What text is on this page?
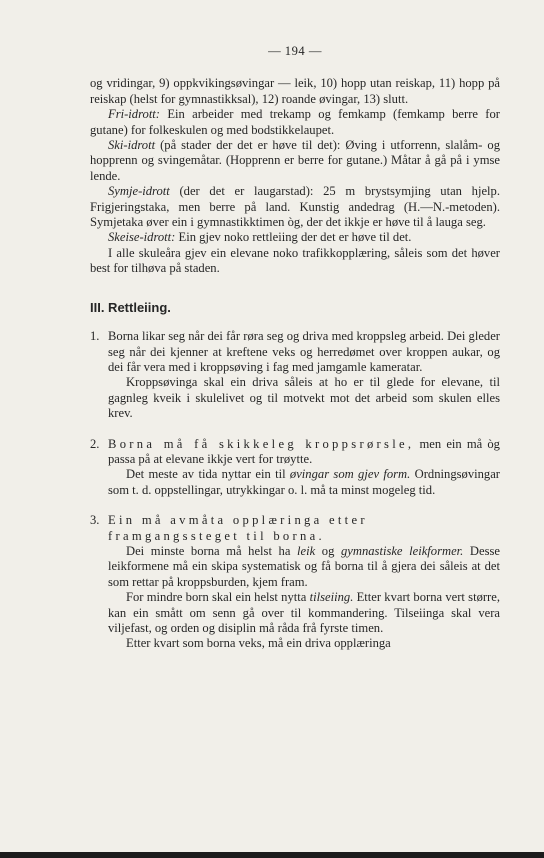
— 194 —

og vridingar, 9) oppkvikingsøvingar — leik, 10) hopp utan reiskap, 11) hopp på reiskap (helst for gymnastikksal), 12) roande øvingar, 13) slutt.

Fri-idrott: Ein arbeider med trekamp og femkamp (femkamp berre for gutane) for folkeskulen og med bodstikkelaupet.

Ski-idrott (på stader der det er høve til det): Øving i utforrenn, slalåm- og hopprenn og svingemåtar. (Hopprenn er berre for gutane.) Måtar å gå på i ymse lende.

Symje-idrott (der det er laugarstad): 25 m brystsymjing utan hjelp. Frigjeringstaka, men berre på land. Kunstig andedrag (H.—N.-metoden). Symjetaka øver ein i gymnastikktimen òg, der det ikkje er høve til å lauga seg.

Skeise-idrott: Ein gjev noko rettleiing der det er høve til det.

I alle skuleåra gjev ein elevane noko trafikkopplæring, såleis som det høver best for tilhøva på staden.

III. Rettleiing.
1. Borna likar seg når dei får røra seg og driva med kroppsleg arbeid. Dei gleder seg når dei kjenner at kreftene veks og herredømet over kroppen aukar, og dei får vera med i kroppsøving i fag med jamgamle kameratar.

Kroppsøvinga skal ein driva såleis at ho er til glede for elevane, til gagnleg kveik i skulelivet og til motvekt mot det arbeid som skulen elles krev.

2. Borna må få skikkeleg kroppsrørsle, men ein må òg passa på at elevane ikkje vert for trøytte.

Det meste av tida nyttar ein til øvingar som gjev form. Ordningsøvingar som t. d. oppstellingar, utrykkingar o. l. må ta minst mogeleg tid.

3. Ein må avmåta opplæringa etter framgangssteget til borna.

Dei minste borna må helst ha leik og gymnastiske leikformer. Desse leikformene må ein skipa systematisk og få borna til å gjera dei såleis at det som rettar på kroppsburden, kjem fram.

For mindre born skal ein helst nytta tilseiing. Etter kvart borna vert større, kan ein smått om senn gå over til kommandering. Tilseiinga skal vera viljefast, og orden og disiplin må råda frå fyrste timen.

Etter kvart som borna veks, må ein driva opplæringa
